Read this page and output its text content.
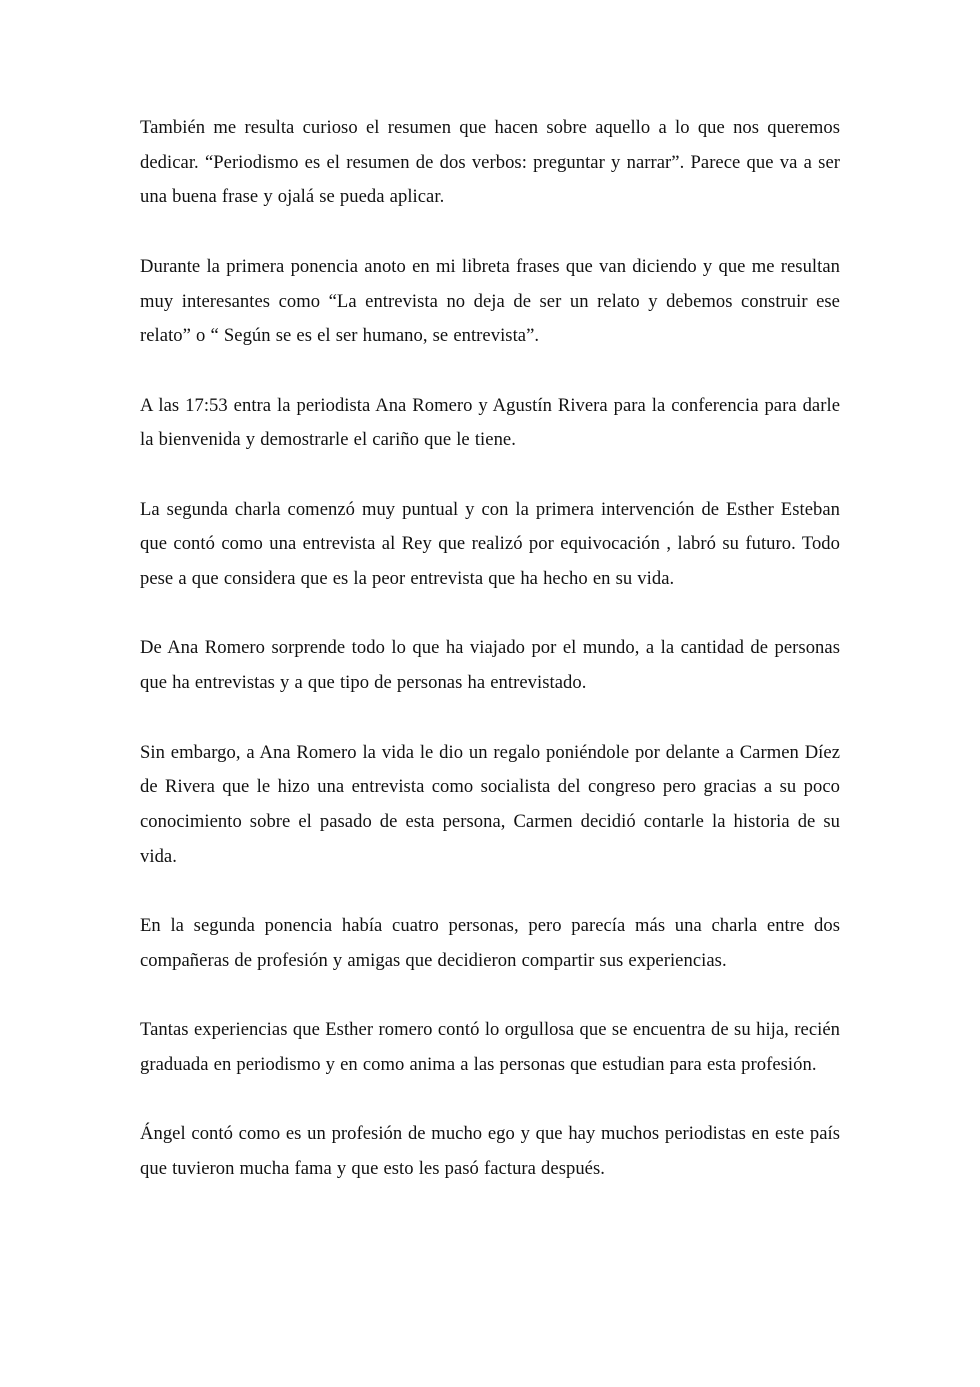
También me resulta curioso el resumen que hacen sobre aquello a lo que nos queremos dedicar. “Periodismo es el resumen de dos verbos: preguntar y narrar”. Parece que va a ser una buena frase y ojalá se pueda aplicar.

Durante la primera ponencia anoto en mi libreta frases que van diciendo y que me resultan muy interesantes como “La entrevista no deja de ser un relato y debemos construir ese relato” o “ Según se es el ser humano, se entrevista”.

A las 17:53 entra la periodista Ana Romero y Agustín Rivera para la conferencia para darle la bienvenida y demostrarle el cariño que le tiene.

La segunda charla comenzó muy puntual y con la primera intervención de Esther Esteban que contó como una entrevista al Rey que realizó por equivocación , labró su futuro. Todo pese a que considera que es la peor entrevista que ha hecho en su vida.

De Ana Romero sorprende todo lo que ha viajado por el mundo, a la cantidad de personas que ha entrevistas y a que tipo de personas ha entrevistado.

Sin embargo, a Ana Romero la vida le dio un regalo poniéndole por delante a Carmen Díez de Rivera que le hizo una entrevista como socialista del congreso pero gracias a su poco conocimiento sobre el pasado de esta persona, Carmen decidió contarle la historia de su vida.

En la segunda ponencia había cuatro personas, pero parecía más una charla entre dos compañeras de profesión y amigas que decidieron compartir sus experiencias.

Tantas experiencias que Esther romero contó lo orgullosa que se encuentra de su hija, recién graduada en periodismo y en como anima a las personas que estudian para esta profesión.

Ángel contó como es un profesión de mucho ego y que hay muchos periodistas en este país que tuvieron mucha fama y que esto les pasó factura después.
